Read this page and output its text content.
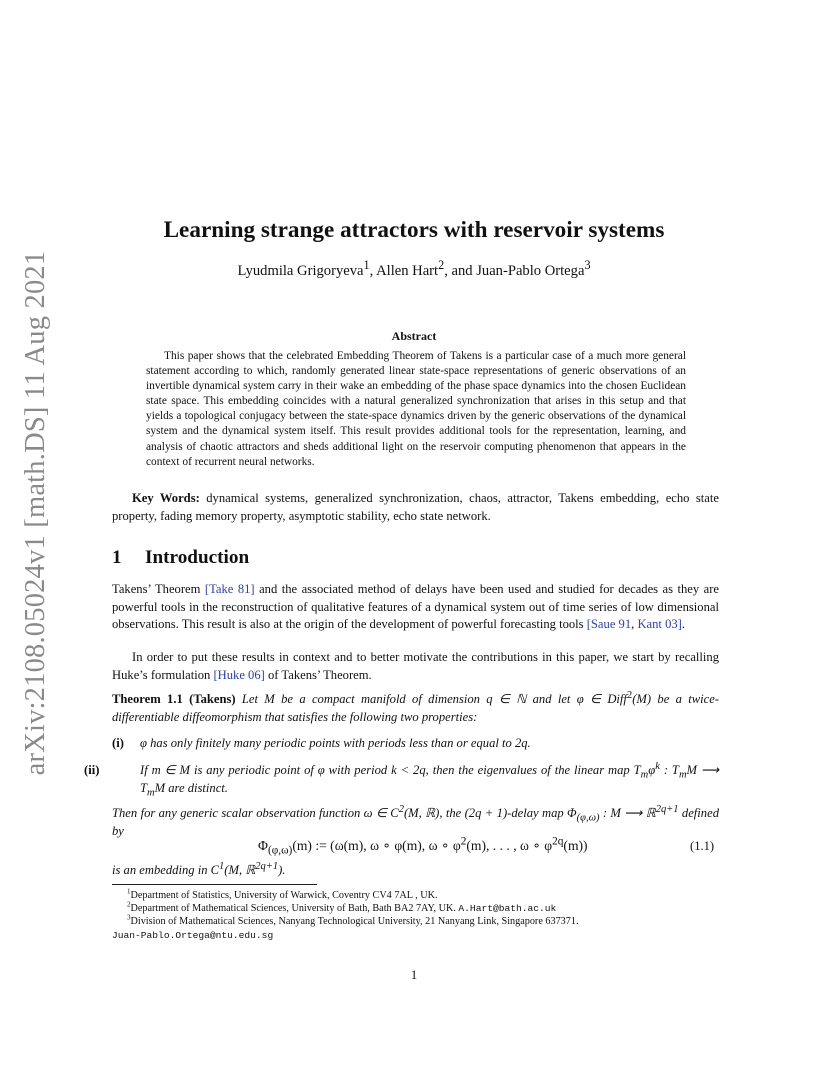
arXiv:2108.05024v1 [math.DS] 11 Aug 2021
Learning strange attractors with reservoir systems
Lyudmila Grigoryeva$^1$, Allen Hart$^2$, and Juan-Pablo Ortega$^3$
Abstract

This paper shows that the celebrated Embedding Theorem of Takens is a particular case of a much more general statement according to which, randomly generated linear state-space representations of generic observations of an invertible dynamical system carry in their wake an embedding of the phase space dynamics into the chosen Euclidean state space. This embedding coincides with a natural generalized synchronization that arises in this setup and that yields a topological conjugacy between the state-space dynamics driven by the generic observations of the dynamical system and the dynamical system itself. This result provides additional tools for the representation, learning, and analysis of chaotic attractors and sheds additional light on the reservoir computing phenomenon that appears in the context of recurrent neural networks.

Key Words: dynamical systems, generalized synchronization, chaos, attractor, Takens embedding, echo state property, fading memory property, asymptotic stability, echo state network.

1 Introduction

Takens’ Theorem [Take 81] and the associated method of delays have been used and studied for decades as they are powerful tools in the reconstruction of qualitative features of a dynamical system out of time series of low dimensional observations. This result is also at the origin of the development of powerful forecasting tools [Saue 91, Kant 03].

In order to put these results in context and to better motivate the contributions in this paper, we start by recalling Huke’s formulation [Huke 06] of Takens’ Theorem.

Theorem 1.1 (Takens) Let M be a compact manifold of dimension q ∈ ℕ and let φ ∈ Diff$^2$(M) be a twice-differentiable diffeomorphism that satisfies the following two properties:

(i) φ has only finitely many periodic points with periods less than or equal to 2q.

(ii)	If m ∈ M is any periodic point of φ with period k < 2q, then the eigenvalues of the linear map $T_m\varphi^k$ : $T_mM$ ⟶ $T_mM$ are distinct.

Then for any generic scalar observation function ω ∈ $C^2(M$, ℝ), the (2q + 1)-delay map $\Phi_{(\varphi,\omega)}$ : M ⟶ ℝ$^{2q+1}$ defined by

$\Phi_{(\varphi,\omega)}(m)$ := (ω(m), ω ∘ φ(m), ω ∘ $\varphi^2(m)$, . . . , ω ∘ $\varphi^{2q}(m)$)	(1.1)

is an embedding in $C^1(M$, ℝ$^{2q+1}$).

$^1$Department of Statistics, University of Warwick, Coventry CV4 7AL , UK.

$^2$Department of Mathematical Sciences, University of Bath, Bath BA2 7AY, UK. A.Hart@bath.ac.uk

$^3$Division of Mathematical Sciences, Nanyang Technological University, 21 Nanyang Link, Singapore 637371.

Juan-Pablo.Ortega@ntu.edu.sg

1
